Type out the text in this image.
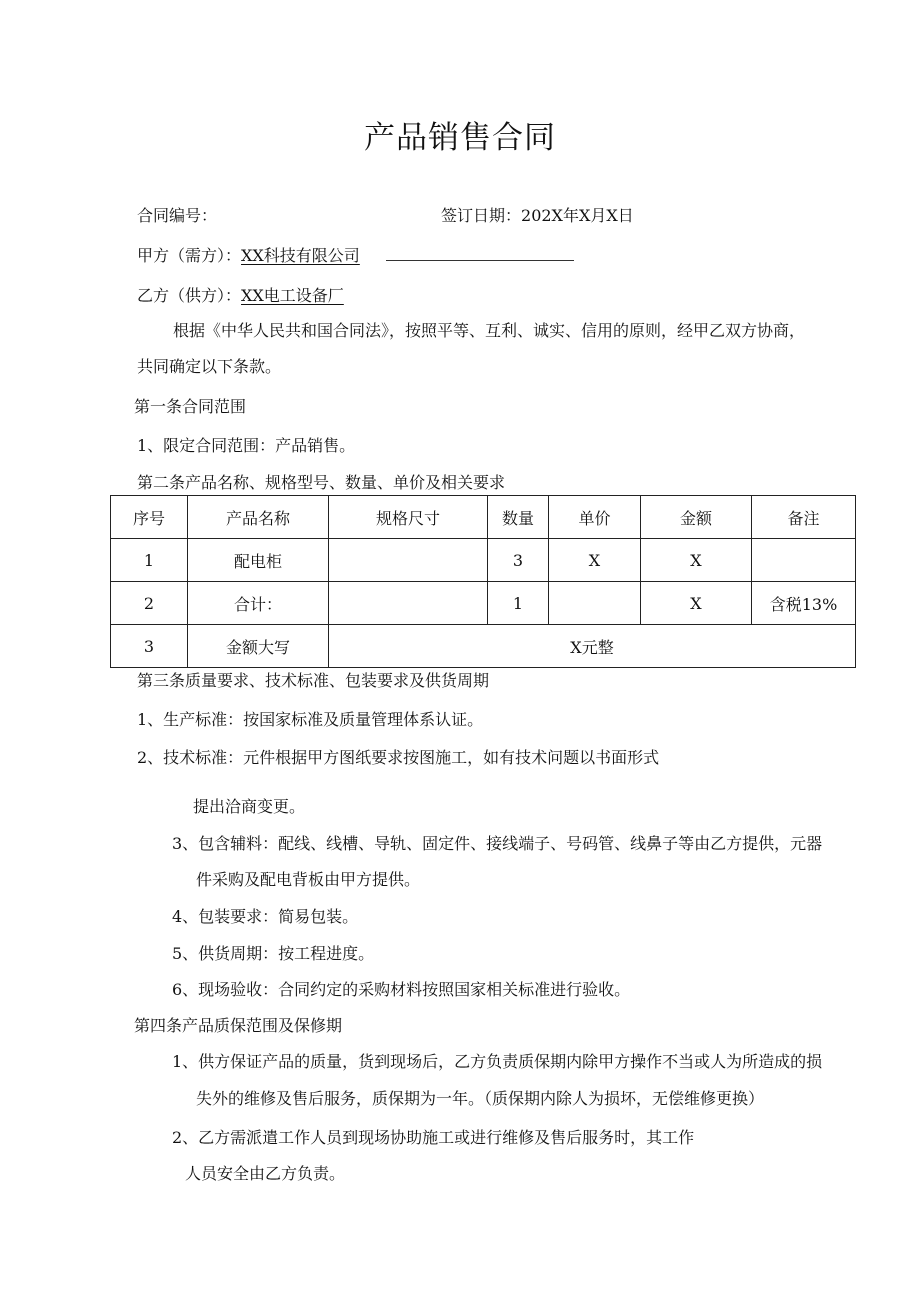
产品销售合同
合同编号：	签订日期：202X年X月X日
甲方（需方）：XX科技有限公司
乙方（供方）：XX电工设备厂
根据《中华人民共和国合同法》，按照平等、互利、诚实、信用的原则，经甲乙双方协商，
共同确定以下条款。
第一条合同范围
1、限定合同范围：产品销售。
第二条产品名称、规格型号、数量、单价及相关要求
序号	产品名称	规格尺寸	数量	单价	金额	备注
1	配电柜		3	X	X	
2	合计：		1		X	含税13%
3	金额大写	X元整				
第三条质量要求、技术标准、包装要求及供货周期
1、生产标准：按国家标准及质量管理体系认证。
2、技术标准：元件根据甲方图纸要求按图施工，如有技术问题以书面形式
提出洽商变更。
3、包含辅料：配线、线槽、导轨、固定件、接线端子、号码管、线鼻子等由乙方提供，元器
件采购及配电背板由甲方提供。
4、包装要求：简易包装。
5、供货周期：按工程进度。
6、现场验收：合同约定的采购材料按照国家相关标准进行验收。
第四条产品质保范围及保修期
1、供方保证产品的质量，货到现场后，乙方负责质保期内除甲方操作不当或人为所造成的损
失外的维修及售后服务，质保期为一年。（质保期内除人为损坏，无偿维修更换）
2、乙方需派遣工作人员到现场协助施工或进行维修及售后服务时，其工作
人员安全由乙方负责。
